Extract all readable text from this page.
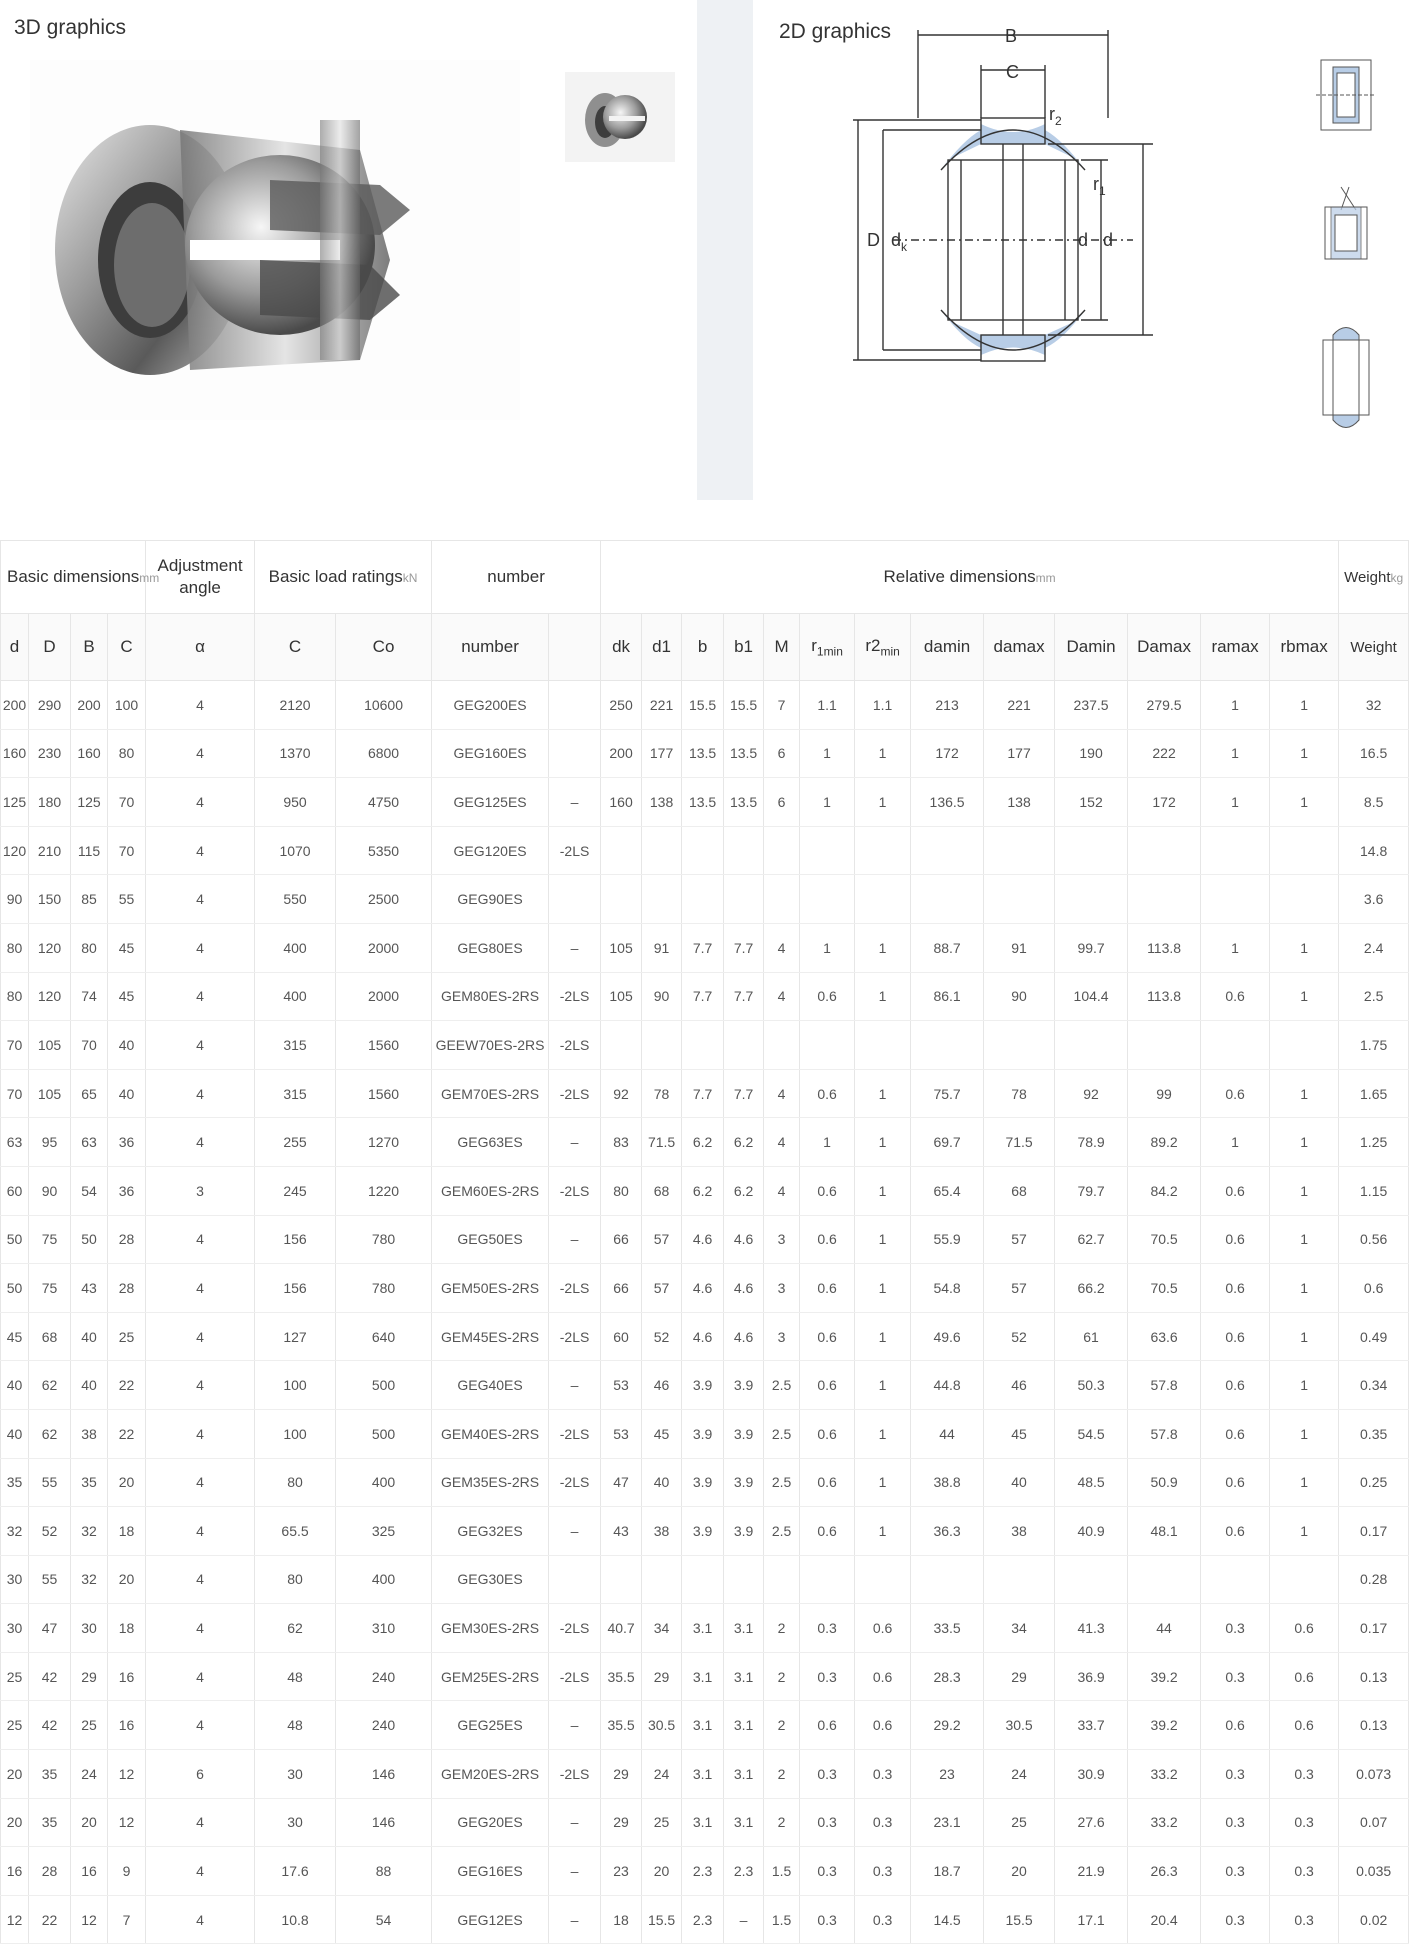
3D graphics	2D graphics	B
C
$r_2$
$r_1$
D $d_k$	d d
Basic dimensionsmm				Adjustment angle	Basic load ratingskN		number		Relative dimensionsmm													Weightkg
d	D	B	C	α	C	Co	number		dk	d1	b	b1	M	$r_{1min}$	$r2_{min}$	damin	damax	Damin	Damax	ramax	rbmax	Weight
200	290	200	100	4	2120	10600	GEG200ES		250	221	15.5	15.5	7	1.1	1.1	213	221	237.5	279.5	1	1	32
160	230	160	80	4	1370	6800	GEG160ES		200	177	13.5	13.5	6	1	1	172	177	190	222	1	1	16.5
125	180	125	70	4	950	4750	GEG125ES	–	160	138	13.5	13.5	6	1	1	136.5	138	152	172	1	1	8.5
120	210	115	70	4	1070	5350	GEG120ES	-2LS														14.8
90	150	85	55	4	550	2500	GEG90ES															3.6
80	120	80	45	4	400	2000	GEG80ES	–	105	91	7.7	7.7	4	1	1	88.7	91	99.7	113.8	1	1	2.4
80	120	74	45	4	400	2000	GEM80ES-2RS	-2LS	105	90	7.7	7.7	4	0.6	1	86.1	90	104.4	113.8	0.6	1	2.5
70	105	70	40	4	315	1560	GEEW70ES-2RS	-2LS														1.75
70	105	65	40	4	315	1560	GEM70ES-2RS	-2LS	92	78	7.7	7.7	4	0.6	1	75.7	78	92	99	0.6	1	1.65
63	95	63	36	4	255	1270	GEG63ES	–	83	71.5	6.2	6.2	4	1	1	69.7	71.5	78.9	89.2	1	1	1.25
60	90	54	36	3	245	1220	GEM60ES-2RS	-2LS	80	68	6.2	6.2	4	0.6	1	65.4	68	79.7	84.2	0.6	1	1.15
50	75	50	28	4	156	780	GEG50ES	–	66	57	4.6	4.6	3	0.6	1	55.9	57	62.7	70.5	0.6	1	0.56
50	75	43	28	4	156	780	GEM50ES-2RS	-2LS	66	57	4.6	4.6	3	0.6	1	54.8	57	66.2	70.5	0.6	1	0.6
45	68	40	25	4	127	640	GEM45ES-2RS	-2LS	60	52	4.6	4.6	3	0.6	1	49.6	52	61	63.6	0.6	1	0.49
40	62	40	22	4	100	500	GEG40ES	–	53	46	3.9	3.9	2.5	0.6	1	44.8	46	50.3	57.8	0.6	1	0.34
40	62	38	22	4	100	500	GEM40ES-2RS	-2LS	53	45	3.9	3.9	2.5	0.6	1	44	45	54.5	57.8	0.6	1	0.35
35	55	35	20	4	80	400	GEM35ES-2RS	-2LS	47	40	3.9	3.9	2.5	0.6	1	38.8	40	48.5	50.9	0.6	1	0.25
32	52	32	18	4	65.5	325	GEG32ES	–	43	38	3.9	3.9	2.5	0.6	1	36.3	38	40.9	48.1	0.6	1	0.17
30	55	32	20	4	80	400	GEG30ES															0.28
30	47	30	18	4	62	310	GEM30ES-2RS	-2LS	40.7	34	3.1	3.1	2	0.3	0.6	33.5	34	41.3	44	0.3	0.6	0.17
25	42	29	16	4	48	240	GEM25ES-2RS	-2LS	35.5	29	3.1	3.1	2	0.3	0.6	28.3	29	36.9	39.2	0.3	0.6	0.13
25	42	25	16	4	48	240	GEG25ES	–	35.5	30.5	3.1	3.1	2	0.6	0.6	29.2	30.5	33.7	39.2	0.6	0.6	0.13
20	35	24	12	6	30	146	GEM20ES-2RS	-2LS	29	24	3.1	3.1	2	0.3	0.3	23	24	30.9	33.2	0.3	0.3	0.073
20	35	20	12	4	30	146	GEG20ES	–	29	25	3.1	3.1	2	0.3	0.3	23.1	25	27.6	33.2	0.3	0.3	0.07
16	28	16	9	4	17.6	88	GEG16ES	–	23	20	2.3	2.3	1.5	0.3	0.3	18.7	20	21.9	26.3	0.3	0.3	0.035
12	22	12	7	4	10.8	54	GEG12ES	–	18	15.5	2.3	–	1.5	0.3	0.3	14.5	15.5	17.1	20.4	0.3	0.3	0.02
